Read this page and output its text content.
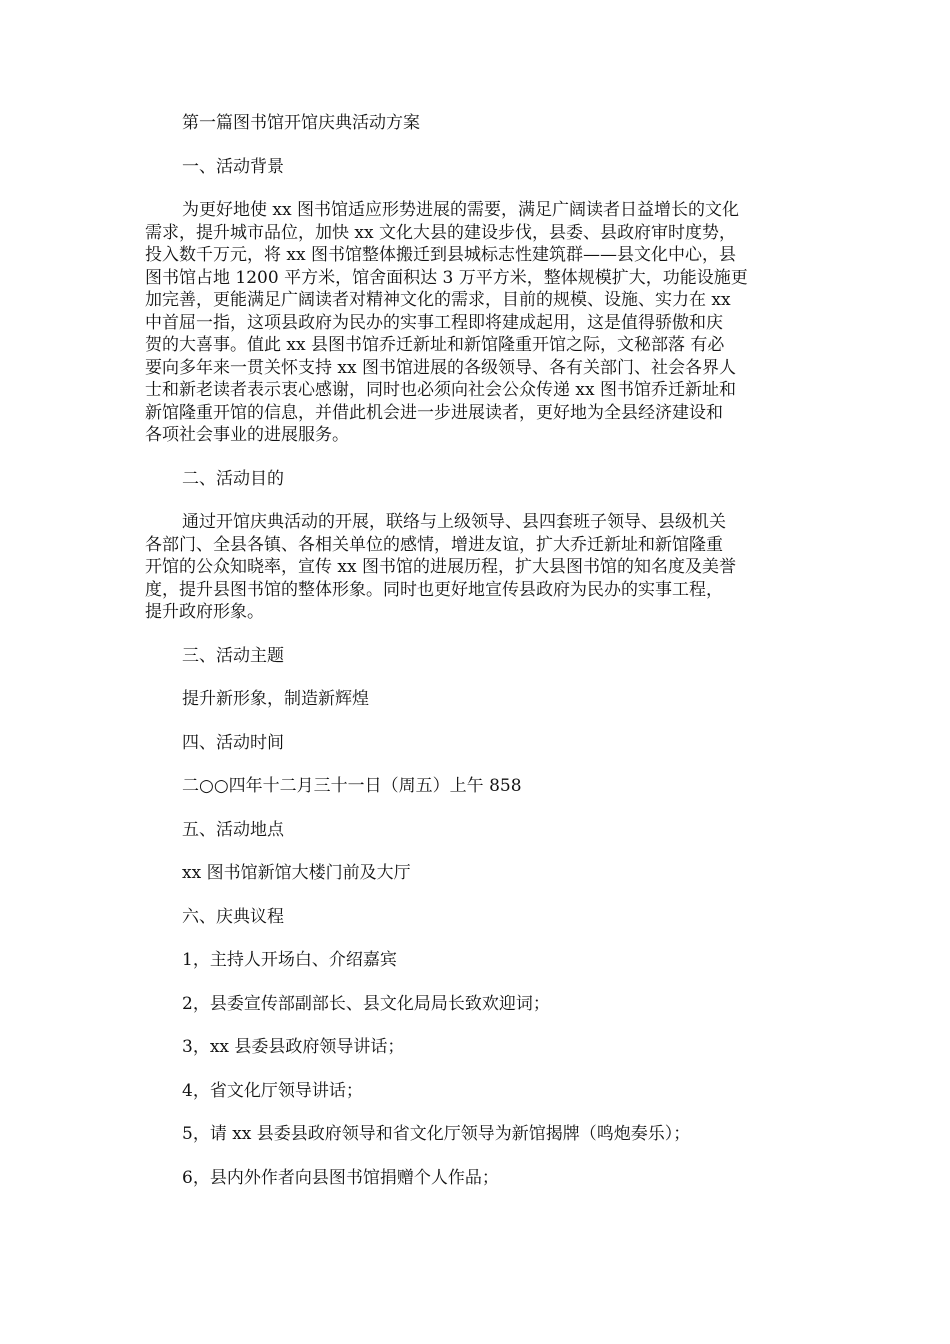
第一篇图书馆开馆庆典活动方案

一、活动背景

为更好地使 xx 图书馆适应形势进展的需要，满足广阔读者日益增长的文化

需求，提升城市品位，加快 xx 文化大县的建设步伐，县委、县政府审时度势，

投入数千万元，将 xx 图书馆整体搬迁到县城标志性建筑群——县文化中心，县

图书馆占地 1200 平方米，馆舍面积达 3 万平方米，整体规模扩大，功能设施更

加完善，更能满足广阔读者对精神文化的需求，目前的规模、设施、实力在 xx

中首屈一指，这项县政府为民办的实事工程即将建成起用，这是值得骄傲和庆

贺的大喜事。值此 xx 县图书馆乔迁新址和新馆隆重开馆之际，文秘部落 有必

要向多年来一贯关怀支持 xx 图书馆进展的各级领导、各有关部门、社会各界人

士和新老读者表示衷心感谢，同时也必须向社会公众传递 xx 图书馆乔迁新址和

新馆隆重开馆的信息，并借此机会进一步进展读者，更好地为全县经济建设和

各项社会事业的进展服务。

二、活动目的

通过开馆庆典活动的开展，联络与上级领导、县四套班子领导、县级机关

各部门、全县各镇、各相关单位的感情，增进友谊，扩大乔迁新址和新馆隆重

开馆的公众知晓率，宣传 xx 图书馆的进展历程，扩大县图书馆的知名度及美誉

度，提升县图书馆的整体形象。同时也更好地宣传县政府为民办的实事工程，

提升政府形象。

三、活动主题

提升新形象，制造新辉煌

四、活动时间

二○○四年十二月三十一日（周五）上午 858

五、活动地点

xx 图书馆新馆大楼门前及大厅

六、庆典议程

1，主持人开场白、介绍嘉宾

2，县委宣传部副部长、县文化局局长致欢迎词；

3，xx 县委县政府领导讲话；

4，省文化厅领导讲话；

5，请 xx 县委县政府领导和省文化厅领导为新馆揭牌（鸣炮奏乐）；

6，县内外作者向县图书馆捐赠个人作品；
